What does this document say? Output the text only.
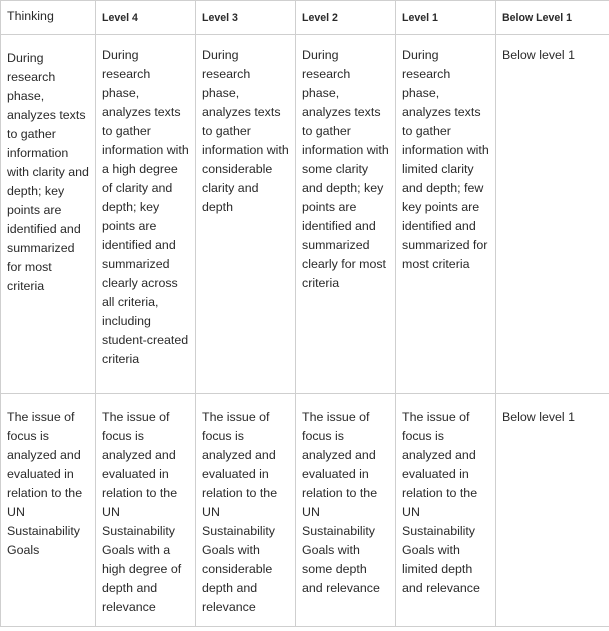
Thinking	Level 4	Level 3	Level 2	Level 1	Below Level 1
During research phase, analyzes texts to gather information with clarity and depth; key points are identified and summarized for most criteria	During research phase, analyzes texts to gather information with a high degree of clarity and depth; key points are identified and summarized clearly across all criteria, including student-created criteria	During research phase, analyzes texts to gather information with considerable clarity and depth	During research phase, analyzes texts to gather information with some clarity and depth; key points are identified and summarized clearly for most criteria	During research phase, analyzes texts to gather information with limited clarity and depth; few key points are identified and summarized for most criteria	Below level 1
The issue of focus is analyzed and evaluated in relation to the UN Sustainability Goals	The issue of focus is analyzed and evaluated in relation to the UN Sustainability Goals with a high degree of depth and relevance	The issue of focus is analyzed and evaluated in relation to the UN Sustainability Goals with considerable depth and relevance	The issue of focus is analyzed and evaluated in relation to the UN Sustainability Goals with some depth and relevance	The issue of focus is analyzed and evaluated in relation to the UN Sustainability Goals with limited depth and relevance	Below level 1
